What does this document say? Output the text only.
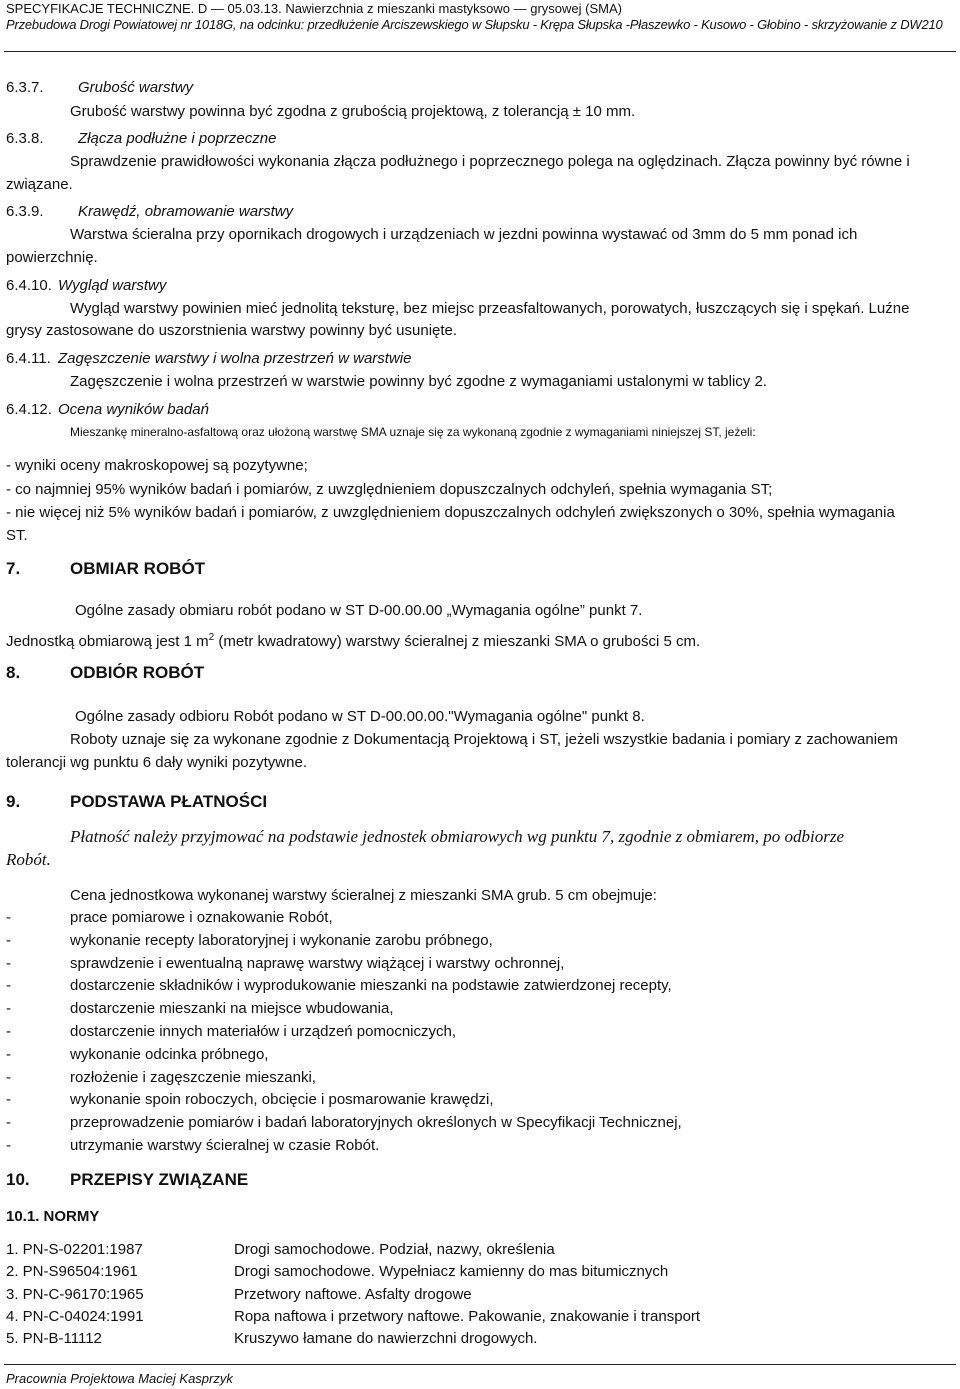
SPECYFIKACJE TECHNICZNE. D — 05.03.13. Nawierzchnia z mieszanki mastyksowo — grysowej (SMA)
Przebudowa Drogi Powiatowej nr 1018G, na odcinku: przedłużenie Arciszewskiego w Słupsku - Krępa Słupska -Płaszewko - Kusowo - Głobino - skrzyżowanie z DW210
6.3.7. Grubość warstwy
Grubość warstwy powinna być zgodna z grubością projektową, z tolerancją ± 10 mm.
6.3.8. Złącza podłużne i poprzeczne
Sprawdzenie prawidłowości wykonania złącza podłużnego i poprzecznego polega na oględzinach. Złącza powinny być równe i
związane.
6.3.9. Krawędź, obramowanie warstwy
Warstwa ścieralna przy opornikach drogowych i urządzeniach w jezdni powinna wystawać od 3mm do 5 mm ponad ich
powierzchnię.
6.4.10. Wygląd warstwy
Wygląd warstwy powinien mieć jednolitą teksturę, bez miejsc przeasfaltowanych, porowatych, łuszczących się i spękań. Luźne
grysy zastosowane do uszorstnienia warstwy powinny być usunięte.
6.4.11. Zagęszczenie warstwy i wolna przestrzeń w warstwie
Zagęszczenie i wolna przestrzeń w warstwie powinny być zgodne z wymaganiami ustalonymi w tablicy 2.
6.4.12. Ocena wyników badań
Mieszankę mineralno-asfaltową oraz ułożoną warstwę SMA uznaje się za wykonaną zgodnie z wymaganiami niniejszej ST, jeżeli:
- wyniki oceny makroskopowej są pozytywne;
- co najmniej 95% wyników badań i pomiarów, z uwzględnieniem dopuszczalnych odchyleń, spełnia wymagania ST;
- nie więcej niż 5% wyników badań i pomiarów, z uwzględnieniem dopuszczalnych odchyleń zwiększonych o 30%, spełnia wymagania
ST.
7.	OBMIAR ROBÓT
Ogólne zasady obmiaru robót podano w ST D-00.00.00 „Wymagania ogólne” punkt 7.
Jednostką obmiarową jest 1 $m^2$ (metr kwadratowy) warstwy ścieralnej z mieszanki SMA o grubości 5 cm.
8.	ODBIÓR ROBÓT
Ogólne zasady odbioru Robót podano w ST D-00.00.00."Wymagania ogólne" punkt 8.
Roboty uznaje się za wykonane zgodnie z Dokumentacją Projektową i ST, jeżeli wszystkie badania i pomiary z zachowaniem
tolerancji wg punktu 6 dały wyniki pozytywne.
9.	PODSTAWA PŁATNOŚCI
Płatność należy przyjmować na podstawie jednostek obmiarowych wg punktu 7, zgodnie z obmiarem, po odbiorze
Robót.
Cena jednostkowa wykonanej warstwy ścieralnej z mieszanki SMA grub. 5 cm obejmuje:
-	prace pomiarowe i oznakowanie Robót,
-	wykonanie recepty laboratoryjnej i wykonanie zarobu próbnego,
-	sprawdzenie i ewentualną naprawę warstwy wiążącej i warstwy ochronnej,
-	dostarczenie składników i wyprodukowanie mieszanki na podstawie zatwierdzonej recepty,
-	dostarczenie mieszanki na miejsce wbudowania,
-	dostarczenie innych materiałów i urządzeń pomocniczych,
-	wykonanie odcinka próbnego,
-	rozłożenie i zagęszczenie mieszanki,
-	wykonanie spoin roboczych, obcięcie i posmarowanie krawędzi,
-	przeprowadzenie pomiarów i badań laboratoryjnych określonych w Specyfikacji Technicznej,
-	utrzymanie warstwy ścieralnej w czasie Robót.
10. PRZEPISY ZWIĄZANE
10.1. NORMY
1. PN-S-02201:1987	Drogi samochodowe. Podział, nazwy, określenia
2. PN-S96504:1961	Drogi samochodowe. Wypełniacz kamienny do mas bitumicznych
3. PN-C-96170:1965	Przetwory naftowe. Asfalty drogowe
4. PN-C-04024:1991	Ropa naftowa i przetwory naftowe. Pakowanie, znakowanie i transport
5. PN-B-11112	Kruszywo łamane do nawierzchni drogowych.
Pracownia Projektowa Maciej Kasprzyk
